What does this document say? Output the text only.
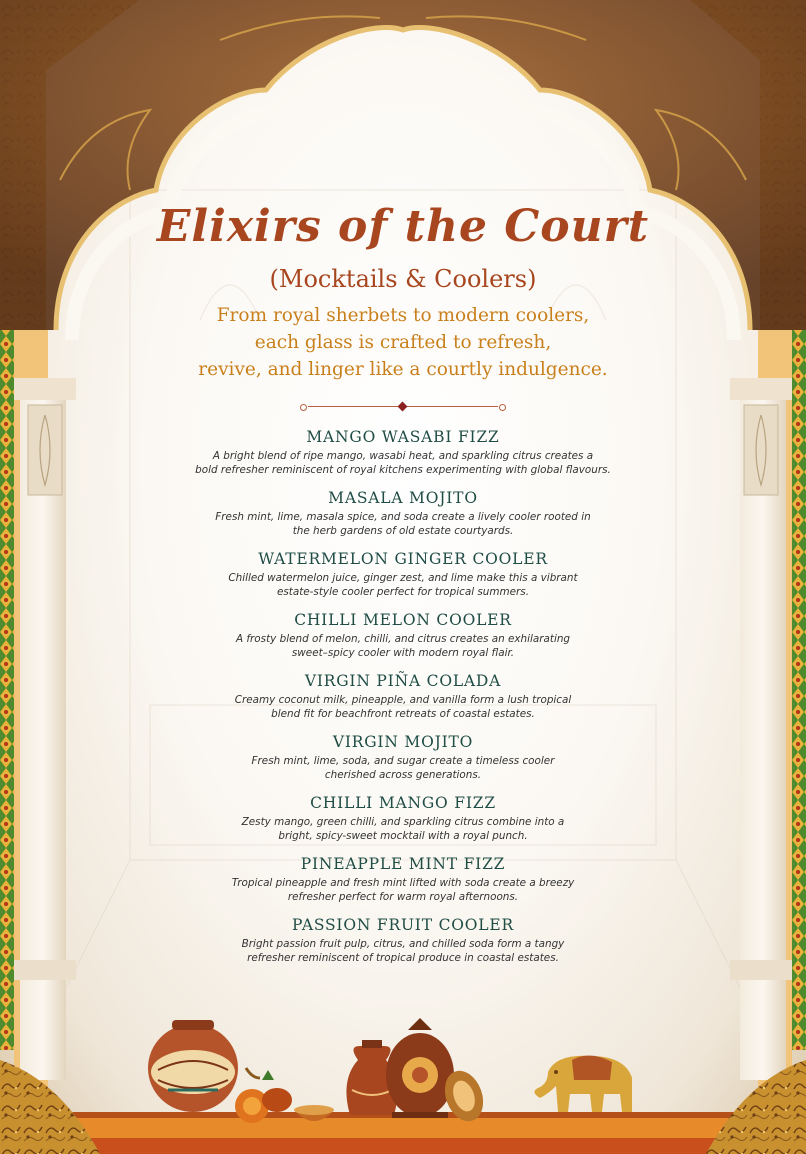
Elixirs of the Court
(Mocktails & Coolers)
From royal sherbets to modern coolers,
each glass is crafted to refresh,
revive, and linger like a courtly indulgence.
MANGO WASABI FIZZ
A bright blend of ripe mango, wasabi heat, and sparkling citrus creates a
bold refresher reminiscent of royal kitchens experimenting with global flavours.
MASALA MOJITO
Fresh mint, lime, masala spice, and soda create a lively cooler rooted in
the herb gardens of old estate courtyards.
WATERMELON GINGER COOLER
Chilled watermelon juice, ginger zest, and lime make this a vibrant
estate-style cooler perfect for tropical summers.
CHILLI MELON COOLER
A frosty blend of melon, chilli, and citrus creates an exhilarating
sweet–spicy cooler with modern royal flair.
VIRGIN PIÑA COLADA
Creamy coconut milk, pineapple, and vanilla form a lush tropical
blend fit for beachfront retreats of coastal estates.
VIRGIN MOJITO
Fresh mint, lime, soda, and sugar create a timeless cooler
cherished across generations.
CHILLI MANGO FIZZ
Zesty mango, green chilli, and sparkling citrus combine into a
bright, spicy-sweet mocktail with a royal punch.
PINEAPPLE MINT FIZZ
Tropical pineapple and fresh mint lifted with soda create a breezy
refresher perfect for warm royal afternoons.
PASSION FRUIT COOLER
Bright passion fruit pulp, citrus, and chilled soda form a tangy
refresher reminiscent of tropical produce in coastal estates.
